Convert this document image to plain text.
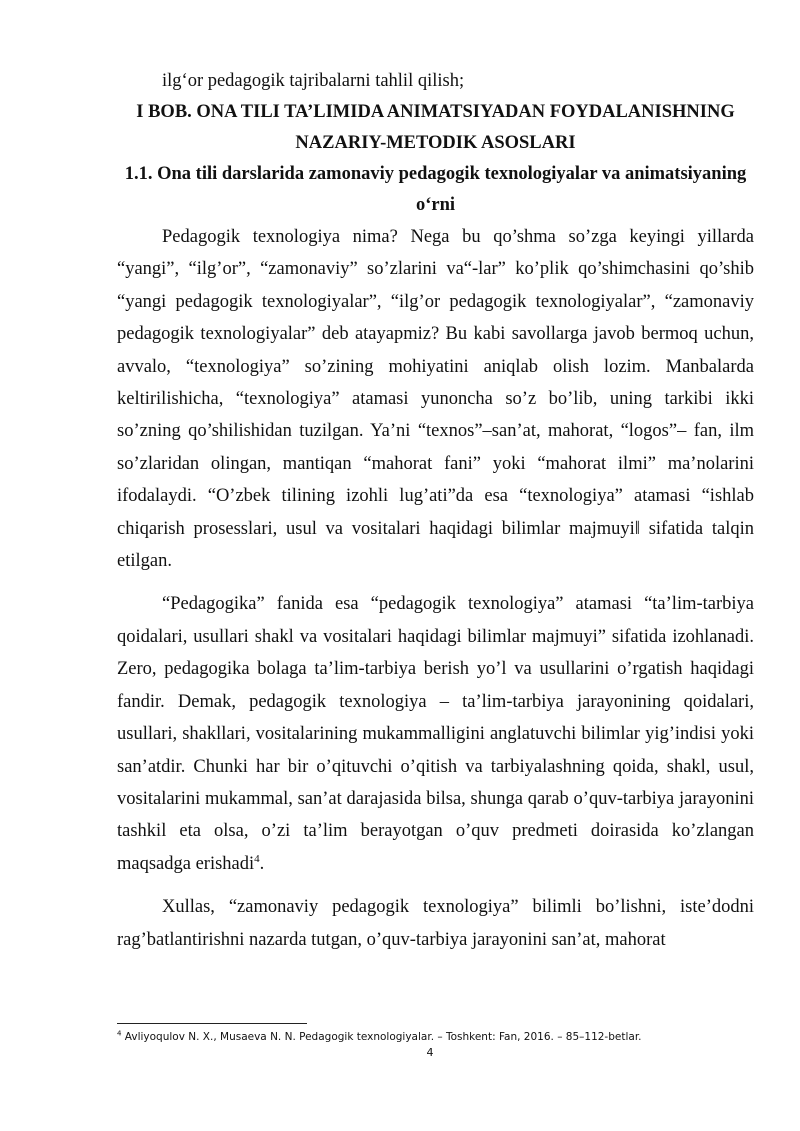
ilg‘or pedagogik tajribalarni tahlil qilish;

I BOB. ONA TILI TA’LIMIDA ANIMATSIYADAN FOYDALANISHNING NAZARIY-METODIK ASOSLARI

1.1. Ona tili darslarida zamonaviy pedagogik texnologiyalar va animatsiyaning o‘rni

Pedagogik texnologiya nima? Nega bu qo’shma so’zga keyingi yillarda “yangi”, “ilg’or”, “zamonaviy” so’zlarini va“-lar” ko’plik qo’shimchasini qo’shib “yangi pedagogik texnologiyalar”, “ilg’or pedagogik texnologiyalar”, “zamonaviy pedagogik texnologiyalar” deb atayapmiz? Bu kabi savollarga javob bermoq uchun, avvalo, “texnologiya” so’zining mohiyatini aniqlab olish lozim. Manbalarda keltirilishicha, “texnologiya” atamasi yunoncha so’z bo’lib, uning tarkibi ikki so’zning qo’shilishidan tuzilgan. Ya’ni “texnos”–san’at, mahorat, “logos”– fan, ilm so’zlaridan olingan, mantiqan “mahorat fani” yoki “mahorat ilmi” ma’nolarini ifodalaydi. “O’zbek tilining izohli lug’ati”da esa “texnologiya” atamasi “ishlab chiqarish prosesslari, usul va vositalari haqidagi bilimlar majmuyi‖ sifatida talqin etilgan.

“Pedagogika” fanida esa “pedagogik texnologiya” atamasi “ta’lim-tarbiya qoidalari, usullari shakl va vositalari haqidagi bilimlar majmuyi” sifatida izohlanadi. Zero, pedagogika bolaga ta’lim-tarbiya berish yo’l va usullarini o’rgatish haqidagi fandir. Demak, pedagogik texnologiya – ta’lim-tarbiya jarayonining qoidalari, usullari, shakllari, vositalarining mukammalligini anglatuvchi bilimlar yig’indisi yoki san’atdir. Chunki har bir o’qituvchi o’qitish va tarbiyalashning qoida, shakl, usul, vositalarini mukammal, san’at darajasida bilsa, shunga qarab o’quv-tarbiya jarayonini tashkil eta olsa, o’zi ta’lim berayotgan o’quv predmeti doirasida ko’zlangan maqsadga erishadi$^4$.

Xullas, “zamonaviy pedagogik texnologiya” bilimli bo’lishni, iste’dodni rag’batlantirishni nazarda tutgan, o’quv-tarbiya jarayonini san’at, mahorat

$^4$ Avliyoqulov N. X., Musaeva N. N. Pedagogik texnologiyalar. – Toshkent: Fan, 2016. – 85–112-betlar.
4
